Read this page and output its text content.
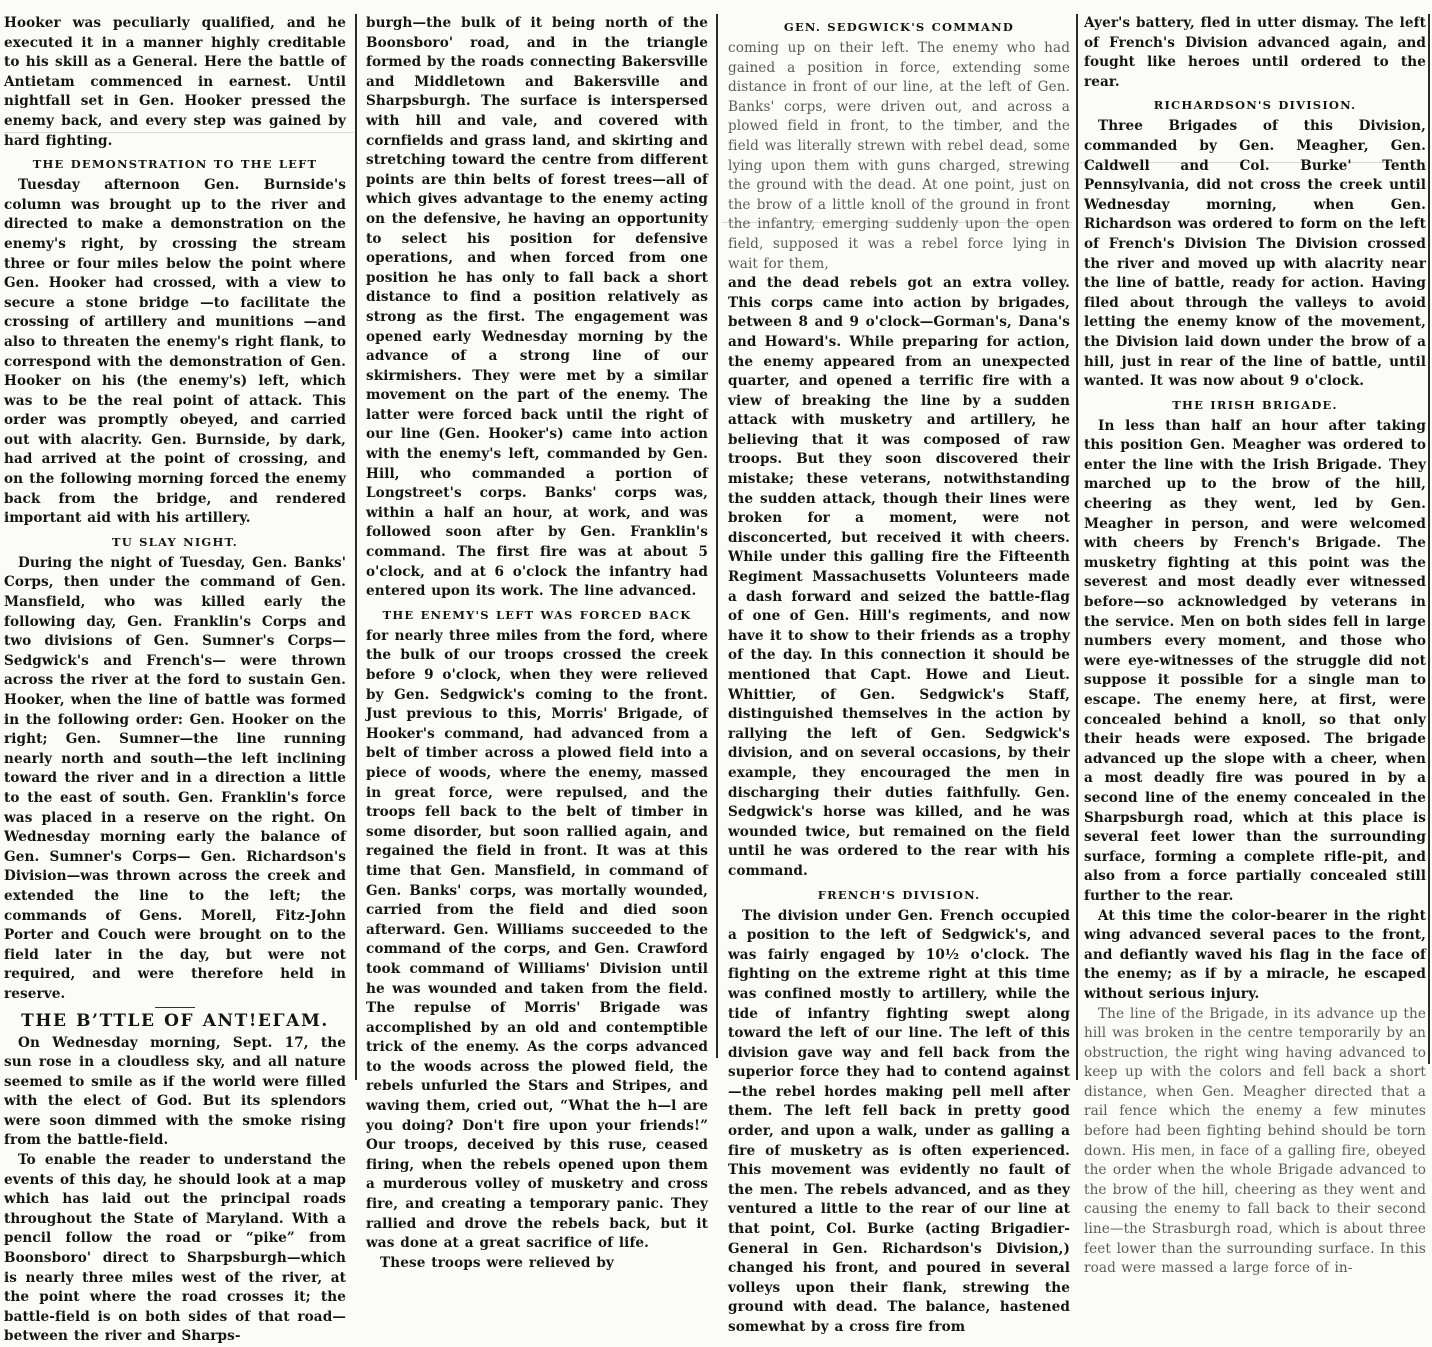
Hooker was peculiarly qualified, and he executed it in a manner highly creditable to his skill as a General. Here the battle of Antietam commenced in earnest. Until nightfall set in Gen. Hooker pressed the enemy back, and every step was gained by hard fighting.

THE DEMONSTRATION TO THE LEFT

Tuesday afternoon Gen. Burnside's column was brought up to the river and directed to make a demonstration on the enemy's right, by crossing the stream three or four miles below the point where Gen. Hooker had crossed, with a view to secure a stone bridge —to facilitate the crossing of artillery and munitions —and also to threaten the enemy's right flank, to correspond with the demonstration of Gen. Hooker on his (the enemy's) left, which was to be the real point of attack. This order was promptly obeyed, and carried out with alacrity. Gen. Burnside, by dark, had arrived at the point of crossing, and on the following morning forced the enemy back from the bridge, and rendered important aid with his artillery.

TU SLAY NIGHT.

During the night of Tuesday, Gen. Banks' Corps, then under the command of Gen. Mansfield, who was killed early the following day, Gen. Franklin's Corps and two divisions of Gen. Sumner's Corps— Sedgwick's and French's— were thrown across the river at the ford to sustain Gen. Hooker, when the line of battle was formed in the following order: Gen. Hooker on the right; Gen. Sumner—the line running nearly north and south—the left inclining toward the river and in a direction a little to the east of south. Gen. Franklin's force was placed in a reserve on the right. On Wednesday morning early the balance of Gen. Sumner's Corps— Gen. Richardson's Division—was thrown across the creek and extended the line to the left; the commands of Gens. Morell, Fitz-John Porter and Couch were brought on to the field later in the day, but were not required, and were therefore held in reserve.

THE B’TTLE OF ANT!EΓAM.

On Wednesday morning, Sept. 17, the sun rose in a cloudless sky, and all nature seemed to smile as if the world were filled with the elect of God. But its splendors were soon dimmed with the smoke rising from the battle-field.

To enable the reader to understand the events of this day, he should look at a map which has laid out the principal roads throughout the State of Maryland. With a pencil follow the road or “pike” from Boonsboro' direct to Sharpsburgh—which is nearly three miles west of the river, at the point where the road crosses it; the battle-field is on both sides of that road—between the river and Sharps-

burgh—the bulk of it being north of the Boonsboro' road, and in the triangle formed by the roads connecting Bakersville and Middletown and Bakersville and Sharpsburgh. The surface is interspersed with hill and vale, and covered with cornfields and grass land, and skirting and stretching toward the centre from different points are thin belts of forest trees—all of which gives advantage to the enemy acting on the defensive, he having an opportunity to select his position for defensive operations, and when forced from one position he has only to fall back a short distance to find a position relatively as strong as the first. The engagement was opened early Wednesday morning by the advance of a strong line of our skirmishers. They were met by a similar movement on the part of the enemy. The latter were forced back until the right of our line (Gen. Hooker's) came into action with the enemy's left, commanded by Gen. Hill, who commanded a portion of Longstreet's corps. Banks' corps was, within a half an hour, at work, and was followed soon after by Gen. Franklin's command. The first fire was at about 5 o'clock, and at 6 o'clock the infantry had entered upon its work. The line advanced.

THE ENEMY'S LEFT WAS FORCED BACK

for nearly three miles from the ford, where the bulk of our troops crossed the creek before 9 o'clock, when they were relieved by Gen. Sedgwick's coming to the front. Just previous to this, Morris' Brigade, of Hooker's command, had advanced from a belt of timber across a plowed field into a piece of woods, where the enemy, massed in great force, were repulsed, and the troops fell back to the belt of timber in some disorder, but soon rallied again, and regained the field in front. It was at this time that Gen. Mansfield, in command of Gen. Banks' corps, was mortally wounded, carried from the field and died soon afterward. Gen. Williams succeeded to the command of the corps, and Gen. Crawford took command of Williams' Division until he was wounded and taken from the field. The repulse of Morris' Brigade was accomplished by an old and contemptible trick of the enemy. As the corps advanced to the woods across the plowed field, the rebels unfurled the Stars and Stripes, and waving them, cried out, “What the h—l are you doing? Don't fire upon your friends!” Our troops, deceived by this ruse, ceased firing, when the rebels opened upon them a murderous volley of musketry and cross fire, and creating a temporary panic. They rallied and drove the rebels back, but it was done at a great sacrifice of life.

These troops were relieved by

GEN. SEDGWICK'S COMMAND

coming up on their left. The enemy who had gained a position in force, extending some distance in front of our line, at the left of Gen. Banks' corps, were driven out, and across a plowed field in front, to the timber, and the field was literally strewn with rebel dead, some lying upon them with guns charged, strewing the ground with the dead. At one point, just on the brow of a little knoll of the ground in front the infantry, emerging suddenly upon the open field, supposed it was a rebel force lying in wait for them,

and the dead rebels got an extra volley. This corps came into action by brigades, between 8 and 9 o'clock—Gorman's, Dana's and Howard's. While preparing for action, the enemy appeared from an unexpected quarter, and opened a terrific fire with a view of breaking the line by a sudden attack with musketry and artillery, he believing that it was composed of raw troops. But they soon discovered their mistake; these veterans, notwithstanding the sudden attack, though their lines were broken for a moment, were not disconcerted, but received it with cheers. While under this galling fire the Fifteenth Regiment Massachusetts Volunteers made a dash forward and seized the battle-flag of one of Gen. Hill's regiments, and now have it to show to their friends as a trophy of the day. In this connection it should be mentioned that Capt. Howe and Lieut. Whittier, of Gen. Sedgwick's Staff, distinguished themselves in the action by rallying the left of Gen. Sedgwick's division, and on several occasions, by their example, they encouraged the men in discharging their duties faithfully. Gen. Sedgwick's horse was killed, and he was wounded twice, but remained on the field until he was ordered to the rear with his command.

FRENCH'S DIVISION.

The division under Gen. French occupied a position to the left of Sedgwick's, and was fairly engaged by 10½ o'clock. The fighting on the extreme right at this time was confined mostly to artillery, while the tide of infantry fighting swept along toward the left of our line. The left of this division gave way and fell back from the superior force they had to contend against—the rebel hordes making pell mell after them. The left fell back in pretty good order, and upon a walk, under as galling a fire of musketry as is often experienced. This movement was evidently no fault of the men. The rebels advanced, and as they ventured a little to the rear of our line at that point, Col. Burke (acting Brigadier-General in Gen. Richardson's Division,) changed his front, and poured in several volleys upon their flank, strewing the ground with dead. The balance, hastened somewhat by a cross fire from

Ayer's battery, fled in utter dismay. The left of French's Division advanced again, and fought like heroes until ordered to the rear.

RICHARDSON'S DIVISION.

Three Brigades of this Division, commanded by Gen. Meagher, Gen. Caldwell and Col. Burke' Tenth Pennsylvania, did not cross the creek until Wednesday morning, when Gen. Richardson was ordered to form on the left of French's Division The Division crossed the river and moved up with alacrity near the line of battle, ready for action. Having filed about through the valleys to avoid letting the enemy know of the movement, the Division laid down under the brow of a hill, just in rear of the line of battle, until wanted. It was now about 9 o'clock.

THE IRISH BRIGADE.

In less than half an hour after taking this position Gen. Meagher was ordered to enter the line with the Irish Brigade. They marched up to the brow of the hill, cheering as they went, led by Gen. Meagher in person, and were welcomed with cheers by French's Brigade. The musketry fighting at this point was the severest and most deadly ever witnessed before—so acknowledged by veterans in the service. Men on both sides fell in large numbers every moment, and those who were eye-witnesses of the struggle did not suppose it possible for a single man to escape. The enemy here, at first, were concealed behind a knoll, so that only their heads were exposed. The brigade advanced up the slope with a cheer, when a most deadly fire was poured in by a second line of the enemy concealed in the Sharpsburgh road, which at this place is several feet lower than the surrounding surface, forming a complete rifle-pit, and also from a force partially concealed still further to the rear.

At this time the color-bearer in the right wing advanced several paces to the front, and defiantly waved his flag in the face of the enemy; as if by a miracle, he escaped without serious injury.

The line of the Brigade, in its advance up the hill was broken in the centre temporarily by an obstruction, the right wing having advanced to keep up with the colors and fell back a short distance, when Gen. Meagher directed that a rail fence which the enemy a few minutes before had been fighting behind should be torn down. His men, in face of a galling fire, obeyed the order when the whole Brigade advanced to the brow of the hill, cheering as they went and causing the enemy to fall back to their second line—the Strasburgh road, which is about three feet lower than the surrounding surface. In this road were massed a large force of in-
